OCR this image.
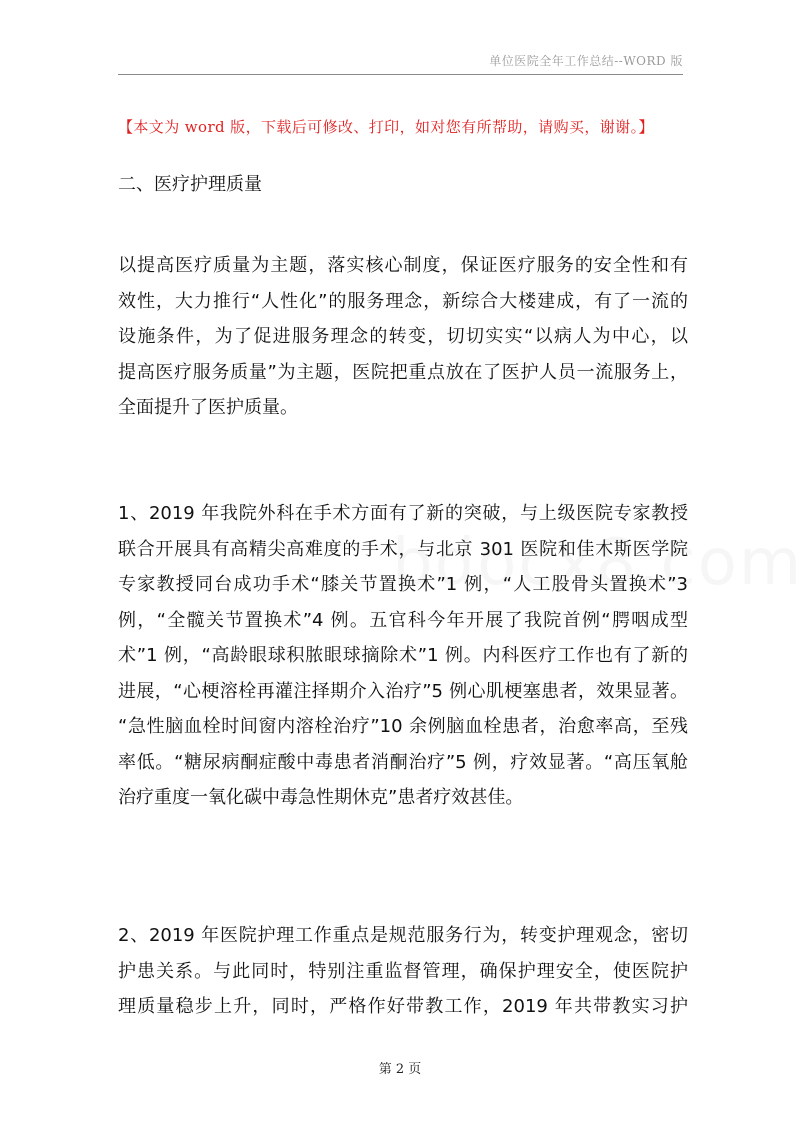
单位医院全年工作总结--WORD 版
【本文为 word 版，下载后可修改、打印，如对您有所帮助，请购买，谢谢。】
二、医疗护理质量
以提高医疗质量为主题，落实核心制度，保证医疗服务的安全性和有
效性，大力推行“人性化”的服务理念，新综合大楼建成，有了一流的
设施条件，为了促进服务理念的转变，切切实实“以病人为中心，以
提高医疗服务质量”为主题，医院把重点放在了医护人员一流服务上，
全面提升了医护质量。
1、2019 年我院外科在手术方面有了新的突破，与上级医院专家教授
联合开展具有高精尖高难度的手术，与北京 301 医院和佳木斯医学院
专家教授同台成功手术“膝关节置换术”1 例，“人工股骨头置换术”3
例，“全髋关节置换术”4 例。五官科今年开展了我院首例“腭咽成型
术”1 例，“高龄眼球积脓眼球摘除术”1 例。内科医疗工作也有了新的
进展，“心梗溶栓再灌注择期介入治疗”5 例心肌梗塞患者，效果显著。
“急性脑血栓时间窗内溶栓治疗”10 余例脑血栓患者，治愈率高，至残
率低。“糖尿病酮症酸中毒患者消酮治疗”5 例，疗效显著。“高压氧舱
治疗重度一氧化碳中毒急性期休克”患者疗效甚佳。
2、2019 年医院护理工作重点是规范服务行为，转变护理观念，密切
护患关系。与此同时，特别注重监督管理，确保护理安全，使医院护
理质量稳步上升，同时，严格作好带教工作，2019 年共带教实习护
第 2 页
